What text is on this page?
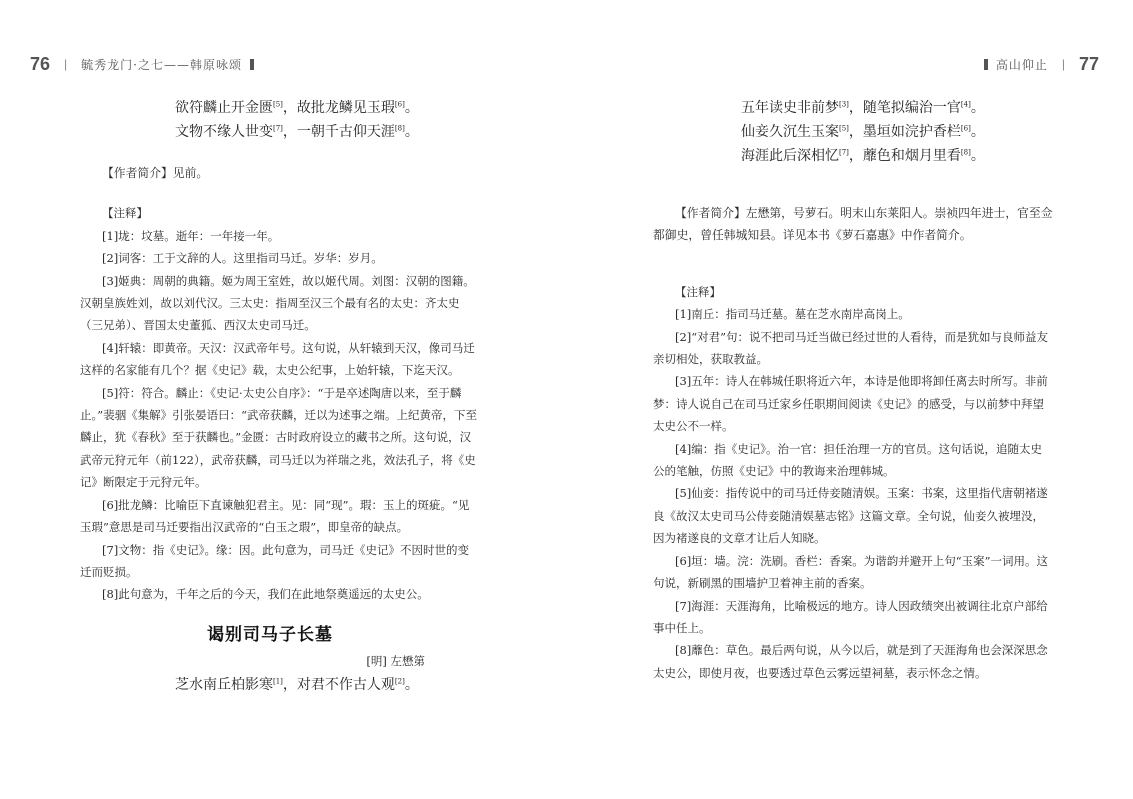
76 | 毓秀龙门·之七——韩原咏颂	高山仰止 | 77
欲符麟止开金匮[5]，故批龙鳞见玉瑕[6]。
文物不缘人世变[7]，一朝千古仰天涯[8]。
【作者简介】见前。
【注释】
[1]垅：坟墓。逝年：一年接一年。
[2]词客：工于文辞的人。这里指司马迁。岁华：岁月。
[3]姬典：周朝的典籍。姬为周王室姓，故以姬代周。刘图：汉朝的图籍。汉朝皇族姓刘，故以刘代汉。三太史：指周至汉三个最有名的太史：齐太史（三兄弟）、晋国太史董狐、西汉太史司马迁。
[4]轩辕：即黄帝。天汉：汉武帝年号。这句说，从轩辕到天汉，像司马迁这样的名家能有几个？据《史记》载，太史公纪事，上始轩辕，下迄天汉。
[5]符：符合。麟止：《史记·太史公自序》：“于是卒述陶唐以来，至于麟止。”裴骃《集解》引张晏语曰：“武帝获麟，迁以为述事之端。上纪黄帝，下至麟止，犹《春秋》至于获麟也。”金匮：古时政府设立的藏书之所。这句说，汉武帝元狩元年（前122），武帝获麟，司马迁以为祥瑞之兆，效法孔子，将《史记》断限定于元狩元年。
[6]批龙鳞：比喻臣下直谏触犯君主。见：同“现”。瑕：玉上的斑疵。“见玉瑕”意思是司马迁要指出汉武帝的“白玉之瑕”，即皇帝的缺点。
[7]文物：指《史记》。缘：因。此句意为，司马迁《史记》不因时世的变迁而贬损。
[8]此句意为，千年之后的今天，我们在此地祭奠遥远的太史公。
谒别司马子长墓
[明] 左懋第
芝水南丘柏影寒[1]，对君不作古人观[2]。
五年读史非前梦[3]，随笔拟编治一官[4]。
仙妾久沉生玉案[5]，墨垣如浣护香栏[6]。
海涯此后深相忆[7]，蘼色和烟月里看[8]。
【作者简介】左懋第，号萝石。明末山东莱阳人。崇祯四年进士，官至佥都御史，曾任韩城知县。详见本书《萝石嘉惠》中作者简介。
【注释】
[1]南丘：指司马迁墓。墓在芝水南岸高岗上。
[2]“对君”句：说不把司马迁当做已经过世的人看待，而是犹如与良师益友亲切相处，获取教益。
[3]五年：诗人在韩城任职将近六年，本诗是他即将卸任离去时所写。非前梦：诗人说自己在司马迁家乡任职期间阅读《史记》的感受，与以前梦中拜望太史公不一样。
[4]编：指《史记》。治一官：担任治理一方的官员。这句话说，追随太史公的笔触，仿照《史记》中的教诲来治理韩城。
[5]仙妾：指传说中的司马迁侍妾随清娱。玉案：书案，这里指代唐朝褚遂良《故汉太史司马公侍妾随清娱墓志铭》这篇文章。全句说，仙妾久被埋没，因为褚遂良的文章才让后人知晓。
[6]垣：墙。浣：洗刷。香栏：香案。为谐韵并避开上句“玉案”一词用。这句说，新刷黑的围墙护卫着神主前的香案。
[7]海涯：天涯海角，比喻极远的地方。诗人因政绩突出被调往北京户部给事中任上。
[8]蘼色：草色。最后两句说，从今以后，就是到了天涯海角也会深深思念太史公，即使月夜，也要透过草色云雾远望祠墓，表示怀念之情。
